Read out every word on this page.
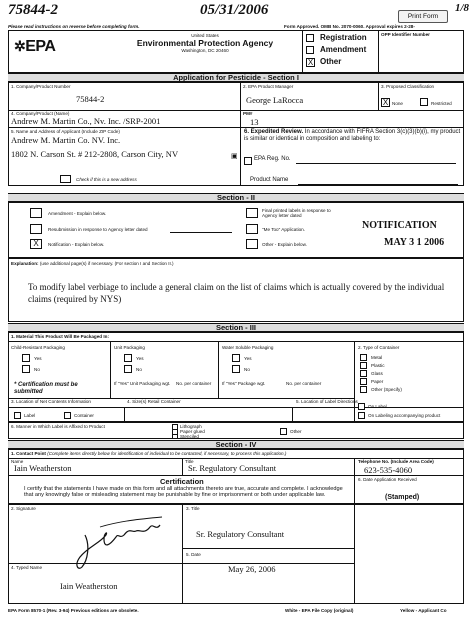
75844-2	05/31/2006	1/8
Print Form
Please read instructions on reverse before completing form.	Form Approved. OMB No. 2070-0060. Approval expires 2-28-
✲EPA
United States
Environmental Protection Agency
Washington, DC 20460
Registration
Amendment
X Other
OPP Identifier Number
Application for Pesticide - Section I
1. Company/Product Number
75844-2
2. EPA Product Manager
George LaRocca
3. Proposed Classification
X None	Restricted
4. Company/Product (Name)
Andrew M. Martin Co., Nv. Inc. /SRP-2001
PM#
13
5. Name and Address of Applicant (Include ZIP Code)
Andrew M. Martin Co. NV. Inc.
1802 N. Carson St. # 212-2808, Carson City, NV	▣
Check if this is a new address
6. Expedited Review. In accordance with FIFRA Section 3(c)(3)(b)(i), my product is similar or identical in composition and labeling to:
EPA Reg. No.
Product Name
Section - II
Amendment - Explain below.
Resubmission in response to Agency letter dated
X	Notification - Explain below.
Final printed labels in response to Agency letter dated
"Me Too" Application.
Other - Explain below.
NOTIFICATION
MAY 3 1 2006
Explanation: (use additional page(s) if necessary. (For section I and Section II.)
To modify label verbiage to include a general claim on the list of claims which is actually covered by the individual claims (required by NYS)
Section - III
1. Material This Product Will Be Packaged In:
Child-Resistant Packaging
Yes
No
* Certification must be submitted
Unit Packaging
Yes
No
If "Yes" Unit Packaging wgt.	No. per container
Water Soluble Packaging
Yes
No
If "Yes" Package wgt.	No. per container
2. Type of Container
Metal
Plastic
Glass
Paper
Other (Specify)
3. Location of Net Contents Information
Label	Container
4. Size(s) Retail Container	5. Location of Label Directions
On Label
On Labeling accompanying product
6. Manner in Which Label is Affixed to Product	Lithograph
Paper glued
Stenciled
Other
Section - IV
1. Contact Point (Complete items directly below for identification of individual to be contacted, if necessary, to process this application.)
Name
Iain Weatherston
Title
Sr. Regulatory Consultant
Telephone No. (Include Area Code)
623-535-4060
Certification
I certify that the statements I have made on this form and all attachments thereto are true, accurate and complete. I acknowledge that any knowingly false or misleading statement may be punishable by fine or imprisonment or both under applicable law.
6. Date Application Received
(Stamped)
2. Signature	3. Title
Sr. Regulatory Consultant
4. Typed Name
Iain Weatherston
5. Date
May 26, 2006
EPA Form 8570-1 (Rev. 3-94) Previous editions are obsolete.	White - EPA File Copy (original)	Yellow - Applicant Co
